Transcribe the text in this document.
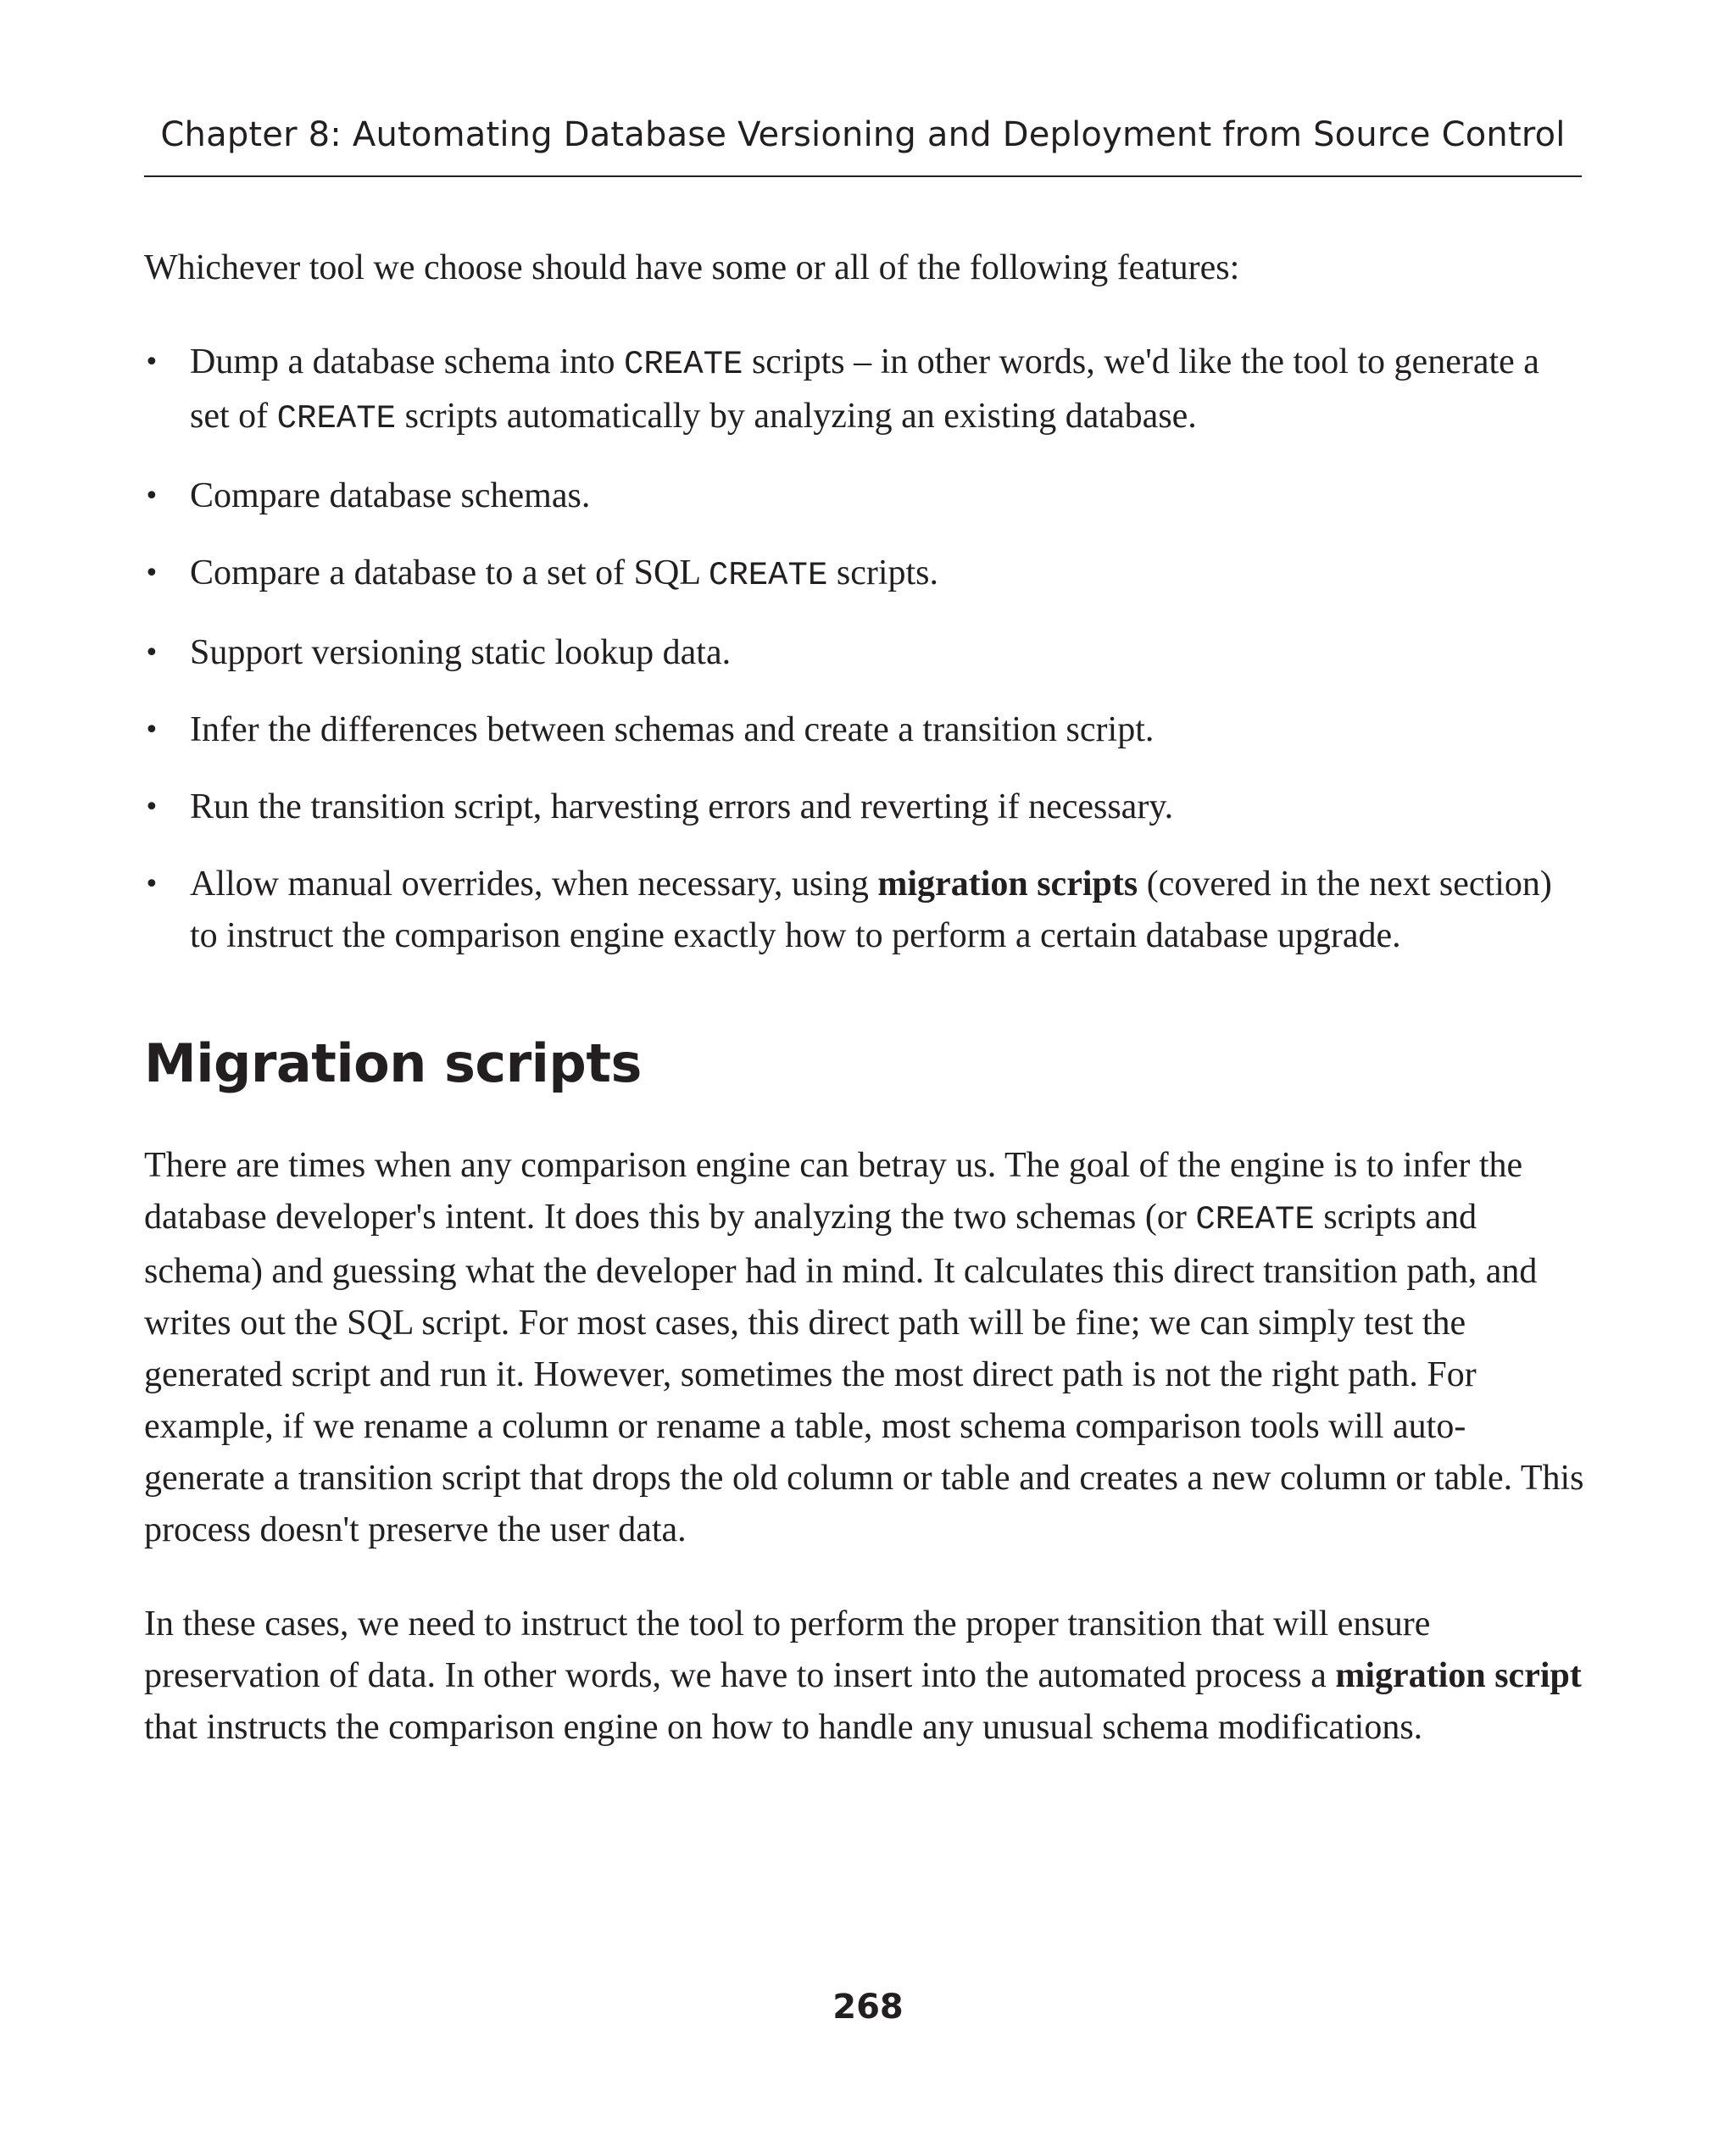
Chapter 8: Automating Database Versioning and Deployment from Source Control

Whichever tool we choose should have some or all of the following features:

• Dump a database schema into CREATE scripts – in other words, we'd like the tool to generate a set of CREATE scripts automatically by analyzing an existing database.
• Compare database schemas.
• Compare a database to a set of SQL CREATE scripts.
• Support versioning static lookup data.
• Infer the differences between schemas and create a transition script.
• Run the transition script, harvesting errors and reverting if necessary.
• Allow manual overrides, when necessary, using migration scripts (covered in the next section) to instruct the comparison engine exactly how to perform a certain database upgrade.
Migration scripts

There are times when any comparison engine can betray us. The goal of the engine is to infer the database developer's intent. It does this by analyzing the two schemas (or CREATE scripts and schema) and guessing what the developer had in mind. It calculates this direct transition path, and writes out the SQL script. For most cases, this direct path will be fine; we can simply test the generated script and run it. However, sometimes the most direct path is not the right path. For example, if we rename a column or rename a table, most schema comparison tools will auto-generate a transition script that drops the old column or table and creates a new column or table. This process doesn't preserve the user data.

In these cases, we need to instruct the tool to perform the proper transition that will ensure preservation of data. In other words, we have to insert into the automated process a migration script that instructs the comparison engine on how to handle any unusual schema modifications.

268
